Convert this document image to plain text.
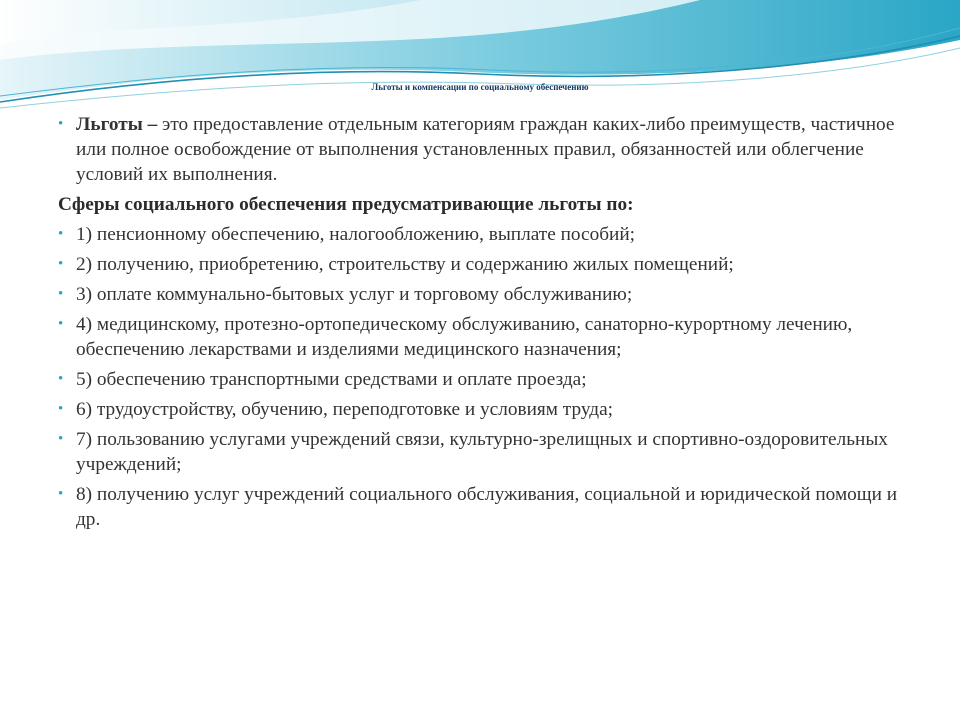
Льготы и компенсации по социальному обеспечению
• Льготы – это предоставление отдельным категориям граждан каких-либо преимуществ, частичное или полное освобождение от выполнения установленных правил, обязанностей или облегчение условий их выполнения.
Сферы социального обеспечения предусматривающие льготы по:
• 1) пенсионному обеспечению, налогообложению, выплате пособий;
• 2) получению, приобретению, строительству и содержанию жилых помещений;
• 3) оплате коммунально-бытовых услуг и торговому обслуживанию;
• 4) медицинскому, протезно-ортопедическому обслуживанию, санаторно-курортному лечению, обеспечению лекарствами и изделиями медицинского назначения;
• 5) обеспечению транспортными средствами и оплате проезда;
• 6) трудоустройству, обучению, переподготовке и условиям труда;
• 7) пользованию услугами учреждений связи, культурно-зрелищных и спортивно-оздоровительных учреждений;
• 8) получению услуг учреждений социального обслуживания, социальной и юридической помощи и др.
